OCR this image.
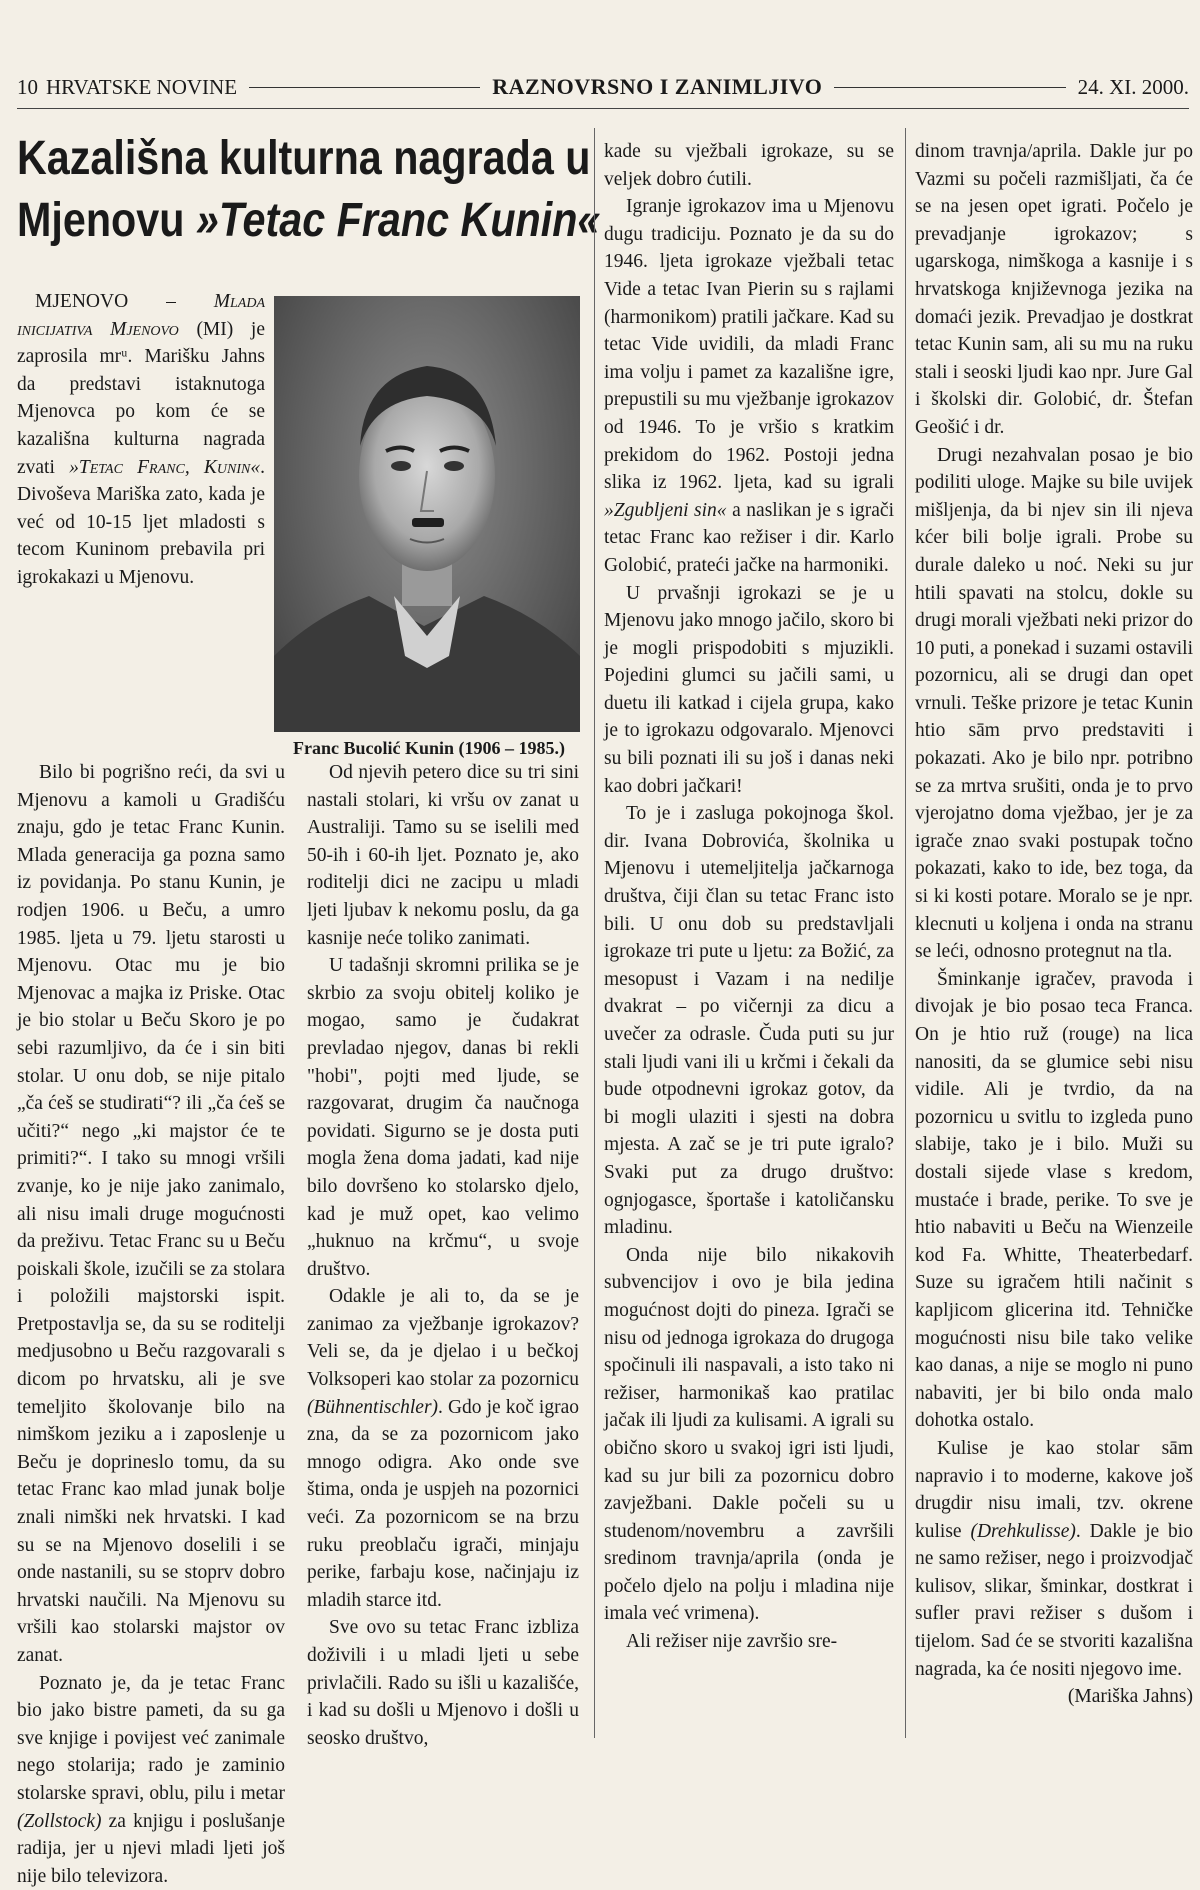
10 HRVATSKE NOVINE	RAZNOVRSNO I ZANIMLJIVO	24. XI. 2000.
Kazališna kulturna nagrada u
Mjenovu »Tetac Franc Kunin«

MJENOVO – Mlada inicijativa Mjenovo (MI) je zaprosila mrᵘ. Marišku Jahns da predstavi istaknutoga Mjenovca po kom će se kazališna kulturna nagrada zvati »Tetac Franc, Kunin«. Divoševa Mariška zato, kada je već od 10-15 ljet mladosti s tecom Kuninom prebavila pri igrokakazi u Mjenovu.

Franc Bucolić Kunin (1906 – 1985.)

Bilo bi pogrišno reći, da svi u Mjenovu a kamoli u Gradišću znaju, gdo je tetac Franc Kunin. Mlada generacija ga pozna samo iz povidanja. Po stanu Kunin, je rodjen 1906. u Beču, a umro 1985. ljeta u 79. ljetu starosti u Mjenovu. Otac mu je bio Mjenovac a majka iz Priske. Otac je bio stolar u Beču Skoro je po sebi razumljivo, da će i sin biti stolar. U onu dob, se nije pitalo „ča ćeš se studirati“? ili „ča ćeš se učiti?“ nego „ki majstor će te primiti?“. I tako su mnogi vršili zvanje, ko je nije jako zanimalo, ali nisu imali druge mogućnosti da preživu. Tetac Franc su u Beču poiskali škole, izučili se za stolara i položili majstorski ispit. Pretpostavlja se, da su se roditelji medjusobno u Beču razgovarali s dicom po hrvatsku, ali je sve temeljito školovanje bilo na nimškom jeziku a i zaposlenje u Beču je doprineslo tomu, da su tetac Franc kao mlad junak bolje znali nimški nek hrvatski. I kad su se na Mjenovo doselili i se onde nastanili, su se stoprv dobro hrvatski naučili. Na Mjenovu su vršili kao stolarski majstor ov zanat.

Poznato je, da je tetac Franc bio jako bistre pameti, da su ga sve knjige i povijest već zanimale nego stolarija; rado je zaminio stolarske spravi, oblu, pilu i metar (Zollstock) za knjigu i poslušanje radija, jer u njevi mladi ljeti još nije bilo televizora.

Od njevih petero dice su tri sini nastali stolari, ki vršu ov zanat u Australiji. Tamo su se iselili med 50-ih i 60-ih ljet. Poznato je, ako roditelji dici ne zacipu u mladi ljeti ljubav k nekomu poslu, da ga kasnije neće toliko zanimati.

U tadašnji skromni prilika se je skrbio za svoju obitelj koliko je mogao, samo je čudakrat prevladao njegov, danas bi rekli "hobi", pojti med ljude, se razgovarat, drugim ča naučnoga povidati. Sigurno se je dosta puti mogla žena doma jadati, kad nije bilo dovršeno ko stolarsko djelo, kad je muž opet, kao velimo „huknuo na krčmu“, u svoje društvo.

Odakle je ali to, da se je zanimao za vježbanje igrokazov? Veli se, da je djelao i u bečkoj Volksoperi kao stolar za pozornicu (Bühnentischler). Gdo je koč igrao zna, da se za pozornicom jako mnogo odigra. Ako onde sve štima, onda je uspjeh na pozornici veći. Za pozornicom se na brzu ruku preoblaču igrači, minjaju perike, farbaju kose, načinjaju iz mladih starce itd.

Sve ovo su tetac Franc izbliza doživili i u mladi ljeti u sebe privlačili. Rado su išli u kazališće, i kad su došli u Mjenovo i došli u seosko društvo,

kade su vježbali igrokaze, su se veljek dobro ćutili.

Igranje igrokazov ima u Mjenovu dugu tradiciju. Poznato je da su do 1946. ljeta igrokaze vježbali tetac Vide a tetac Ivan Pierin su s rajlami (harmonikom) pratili jačkare. Kad su tetac Vide uvidili, da mladi Franc ima volju i pamet za kazališne igre, prepustili su mu vježbanje igrokazov od 1946. To je vršio s kratkim prekidom do 1962. Postoji jedna slika iz 1962. ljeta, kad su igrali »Zgubljeni sin« a naslikan je s igrači tetac Franc kao režiser i dir. Karlo Golobić, prateći jačke na harmoniki.

U prvašnji igrokazi se je u Mjenovu jako mnogo jačilo, skoro bi je mogli prispodobiti s mjuzikli. Pojedini glumci su jačili sami, u duetu ili katkad i cijela grupa, kako je to igrokazu odgovaralo. Mjenovci su bili poznati ili su još i danas neki kao dobri jačkari!

To je i zasluga pokojnoga škol. dir. Ivana Dobrovića, školnika u Mjenovu i utemeljitelja jačkarnoga društva, čiji član su tetac Franc isto bili. U onu dob su predstavljali igrokaze tri pute u ljetu: za Božić, za mesopust i Vazam i na nedilje dvakrat – po vičernji za dicu a uvečer za odrasle. Čuda puti su jur stali ljudi vani ili u krčmi i čekali da bude otpodnevni igrokaz gotov, da bi mogli ulaziti i sjesti na dobra mjesta. A zač se je tri pute igralo? Svaki put za drugo društvo: ognjogasce, športaše i katoličansku mladinu.

Onda nije bilo nikakovih subvencijov i ovo je bila jedina mogućnost dojti do pineza. Igrači se nisu od jednoga igrokaza do drugoga spočinuli ili naspavali, a isto tako ni režiser, harmonikaš kao pratilac jačak ili ljudi za kulisami. A igrali su obično skoro u svakoj igri isti ljudi, kad su jur bili za pozornicu dobro zavježbani. Dakle počeli su u studenom/novembru a završili sredinom travnja/aprila (onda je počelo djelo na polju i mladina nije imala već vrimena).

Ali režiser nije završio sre-

dinom travnja/aprila. Dakle jur po Vazmi su počeli razmišljati, ča će se na jesen opet igrati. Počelo je prevadjanje igrokazov; s ugarskoga, nimškoga a kasnije i s hrvatskoga književnoga jezika na domaći jezik. Prevadjao je dostkrat tetac Kunin sam, ali su mu na ruku stali i seoski ljudi kao npr. Jure Gal i školski dir. Golobić, dr. Štefan Geošić i dr.

Drugi nezahvalan posao je bio podiliti uloge. Majke su bile uvijek mišljenja, da bi njev sin ili njeva kćer bili bolje igrali. Probe su durale daleko u noć. Neki su jur htili spavati na stolcu, dokle su drugi morali vježbati neki prizor do 10 puti, a ponekad i suzami ostavili pozornicu, ali se drugi dan opet vrnuli. Teške prizore je tetac Kunin htio sām prvo predstaviti i pokazati. Ako je bilo npr. potribno se za mrtva srušiti, onda je to prvo vjerojatno doma vježbao, jer je za igrače znao svaki postupak točno pokazati, kako to ide, bez toga, da si ki kosti potare. Moralo se je npr. klecnuti u koljena i onda na stranu se leći, odnosno protegnut na tla.

Šminkanje igračev, pravoda i divojak je bio posao teca Franca. On je htio ruž (rouge) na lica nanositi, da se glumice sebi nisu vidile. Ali je tvrdio, da na pozornicu u svitlu to izgleda puno slabije, tako je i bilo. Muži su dostali sijede vlase s kredom, mustaće i brade, perike. To sve je htio nabaviti u Beču na Wienzeile kod Fa. Whitte, Theaterbedarf. Suze su igračem htili načinit s kapljicom glicerina itd. Tehničke mogućnosti nisu bile tako velike kao danas, a nije se moglo ni puno nabaviti, jer bi bilo onda malo dohotka ostalo.

Kulise je kao stolar sām napravio i to moderne, kakove još drugdir nisu imali, tzv. okrene kulise (Drehkulisse). Dakle je bio ne samo režiser, nego i proizvodjač kulisov, slikar, šminkar, dostkrat i sufler pravi režiser s dušom i tijelom. Sad će se stvoriti kazališna nagrada, ka će nositi njegovo ime.

(Mariška Jahns)
